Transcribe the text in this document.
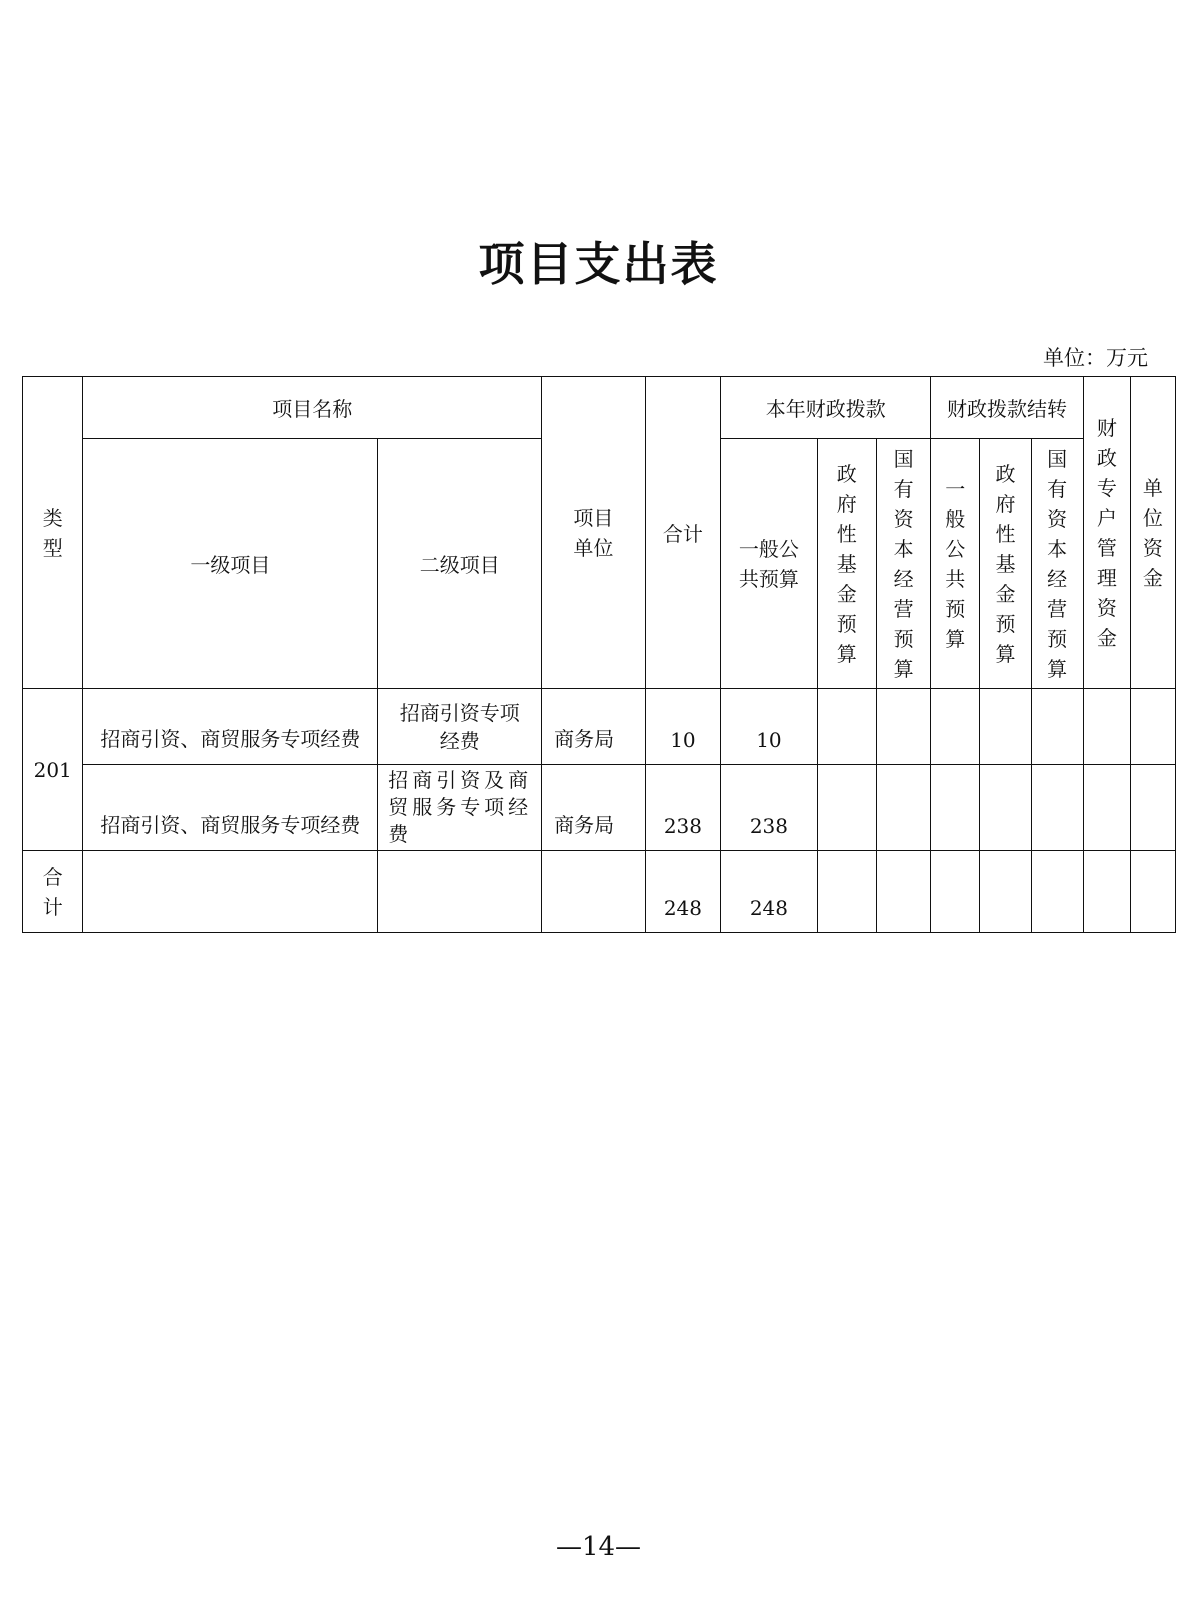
项目支出表
单位：万元
类型	项目名称		项目单位	合计	本年财政拨款			财政拨款结转			财政专户管理资金	单位资金
	一级项目	二级项目			一般公共预算	政府性基金预算	国有资本经营预算	一般公共预算	政府性基金预算	国有资本经营预算		
201	招商引资、商贸服务专项经费	招商引资专项经费	商务局	10	10							
	招商引资、商贸服务专项经费	招商引资及商贸服务专项经费	商务局	238	238							
合计				248	248							
—14—
